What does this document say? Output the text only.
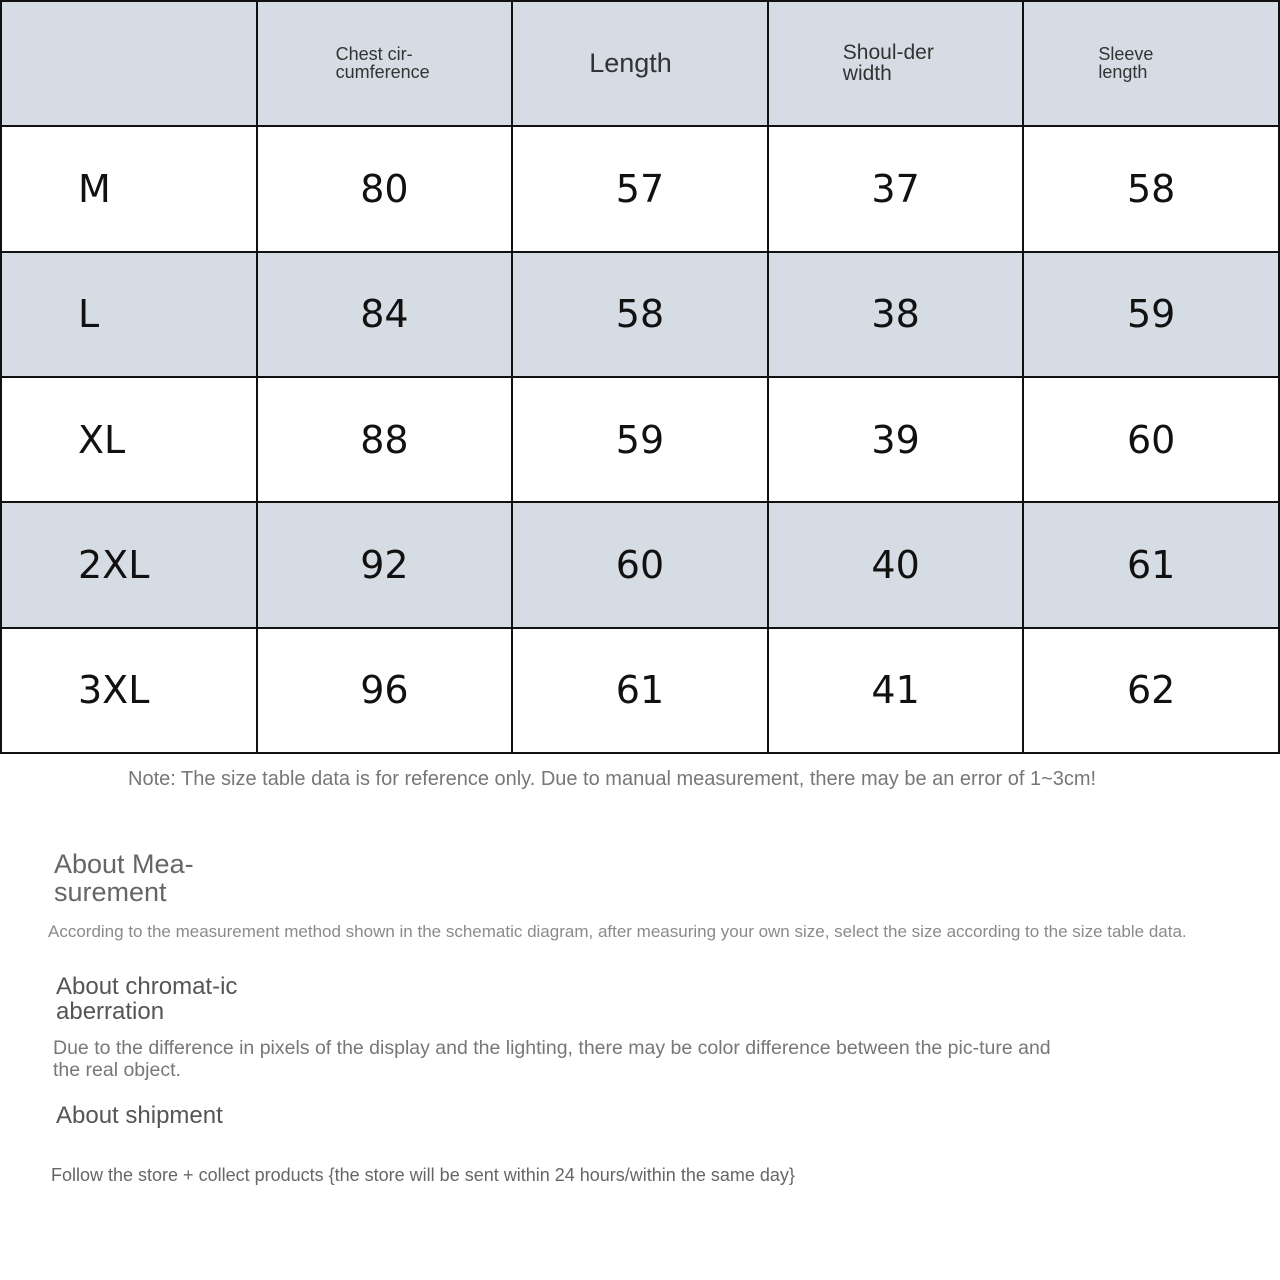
	Chest cir-cumference	Length	Shoul-der width	Sleeve length
M	80	57	37	58
L	84	58	38	59
XL	88	59	39	60
2XL	92	60	40	61
3XL	96	61	41	62
Note: The size table data is for reference only. Due to manual measurement, there may be an error of 1~3cm!
About Mea-surement
According to the measurement method shown in the schematic diagram, after measuring your own size, select the size according to the size table data.
About chromat-ic aberration
Due to the difference in pixels of the display and the lighting, there may be color difference between the pic-ture and the real object.
About shipment
Follow the store + collect products {the store will be sent within 24 hours/within the same day}
